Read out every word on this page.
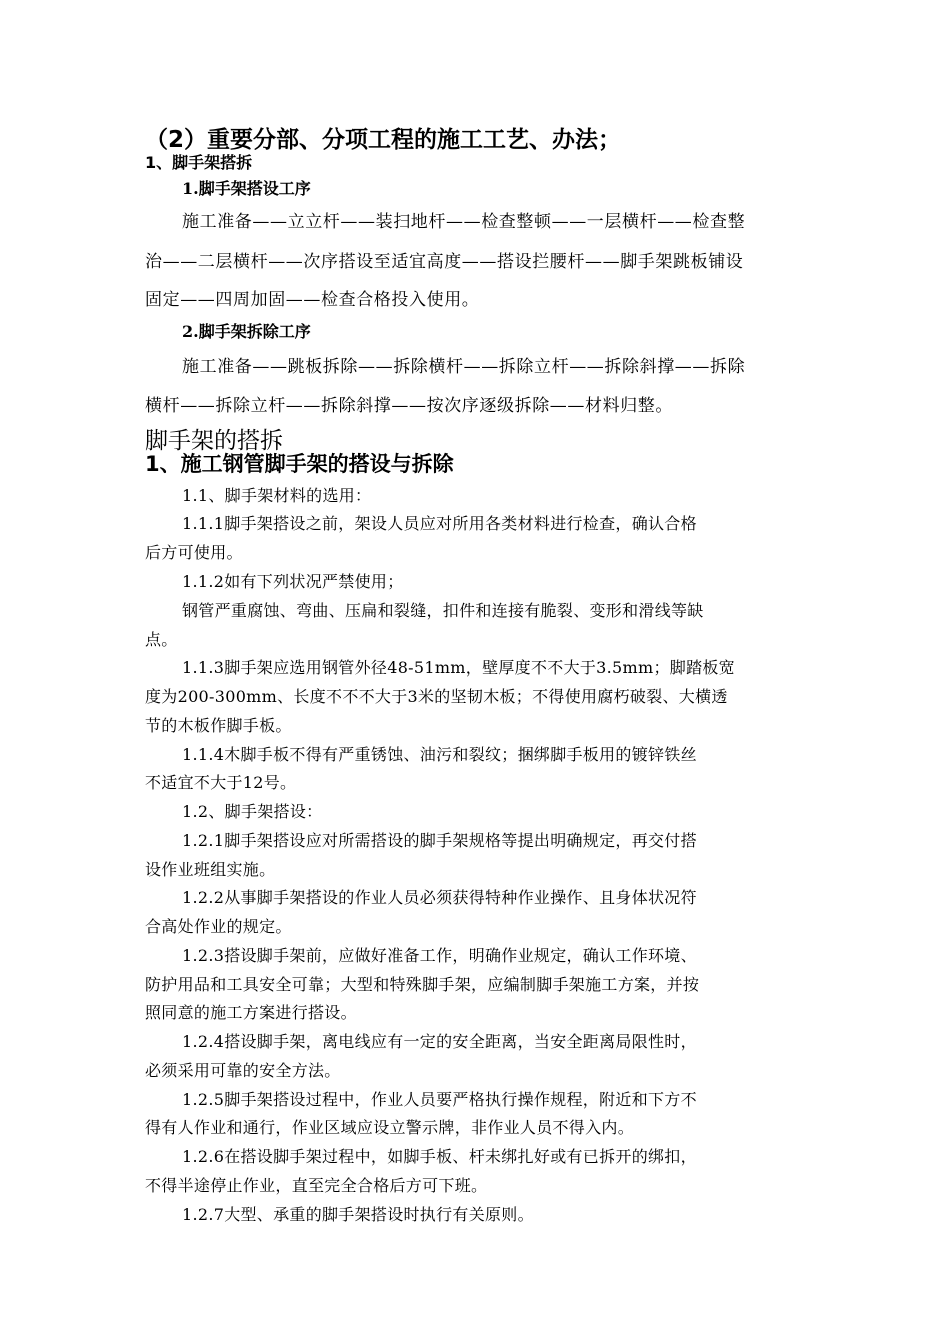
（2）重要分部、分项工程的施工工艺、办法；
1、脚手架搭拆
1.脚手架搭设工序
施工准备——立立杆——装扫地杆——检查整顿——一层横杆——检查整
治——二层横杆——次序搭设至适宜高度——搭设拦腰杆——脚手架跳板铺设
固定——四周加固——检查合格投入使用。
2.脚手架拆除工序
施工准备——跳板拆除——拆除横杆——拆除立杆——拆除斜撑——拆除
横杆——拆除立杆——拆除斜撑——按次序逐级拆除——材料归整。
脚手架的搭拆
1、施工钢管脚手架的搭设与拆除
1.1、脚手架材料的选用：
1.1.1脚手架搭设之前，架设人员应对所用各类材料进行检查，确认合格
后方可使用。
1.1.2如有下列状况严禁使用；
钢管严重腐蚀、弯曲、压扁和裂缝，扣件和连接有脆裂、变形和滑线等缺
点。
1.1.3脚手架应选用钢管外径48-51mm，壁厚度不不大于3.5mm；脚踏板宽
度为200-300mm、长度不不不大于3米的坚韧木板；不得使用腐朽破裂、大横透
节的木板作脚手板。
1.1.4木脚手板不得有严重锈蚀、油污和裂纹；捆绑脚手板用的镀锌铁丝
不适宜不大于12号。
1.2、脚手架搭设：
1.2.1脚手架搭设应对所需搭设的脚手架规格等提出明确规定，再交付搭
设作业班组实施。
1.2.2从事脚手架搭设的作业人员必须获得特种作业操作、且身体状况符
合高处作业的规定。
1.2.3搭设脚手架前，应做好准备工作，明确作业规定，确认工作环境、
防护用品和工具安全可靠；大型和特殊脚手架，应编制脚手架施工方案，并按
照同意的施工方案进行搭设。
1.2.4搭设脚手架，离电线应有一定的安全距离，当安全距离局限性时，
必须采用可靠的安全方法。
1.2.5脚手架搭设过程中，作业人员要严格执行操作规程，附近和下方不
得有人作业和通行，作业区域应设立警示牌，非作业人员不得入内。
1.2.6在搭设脚手架过程中，如脚手板、杆未绑扎好或有已拆开的绑扣，
不得半途停止作业，直至完全合格后方可下班。
1.2.7大型、承重的脚手架搭设时执行有关原则。
